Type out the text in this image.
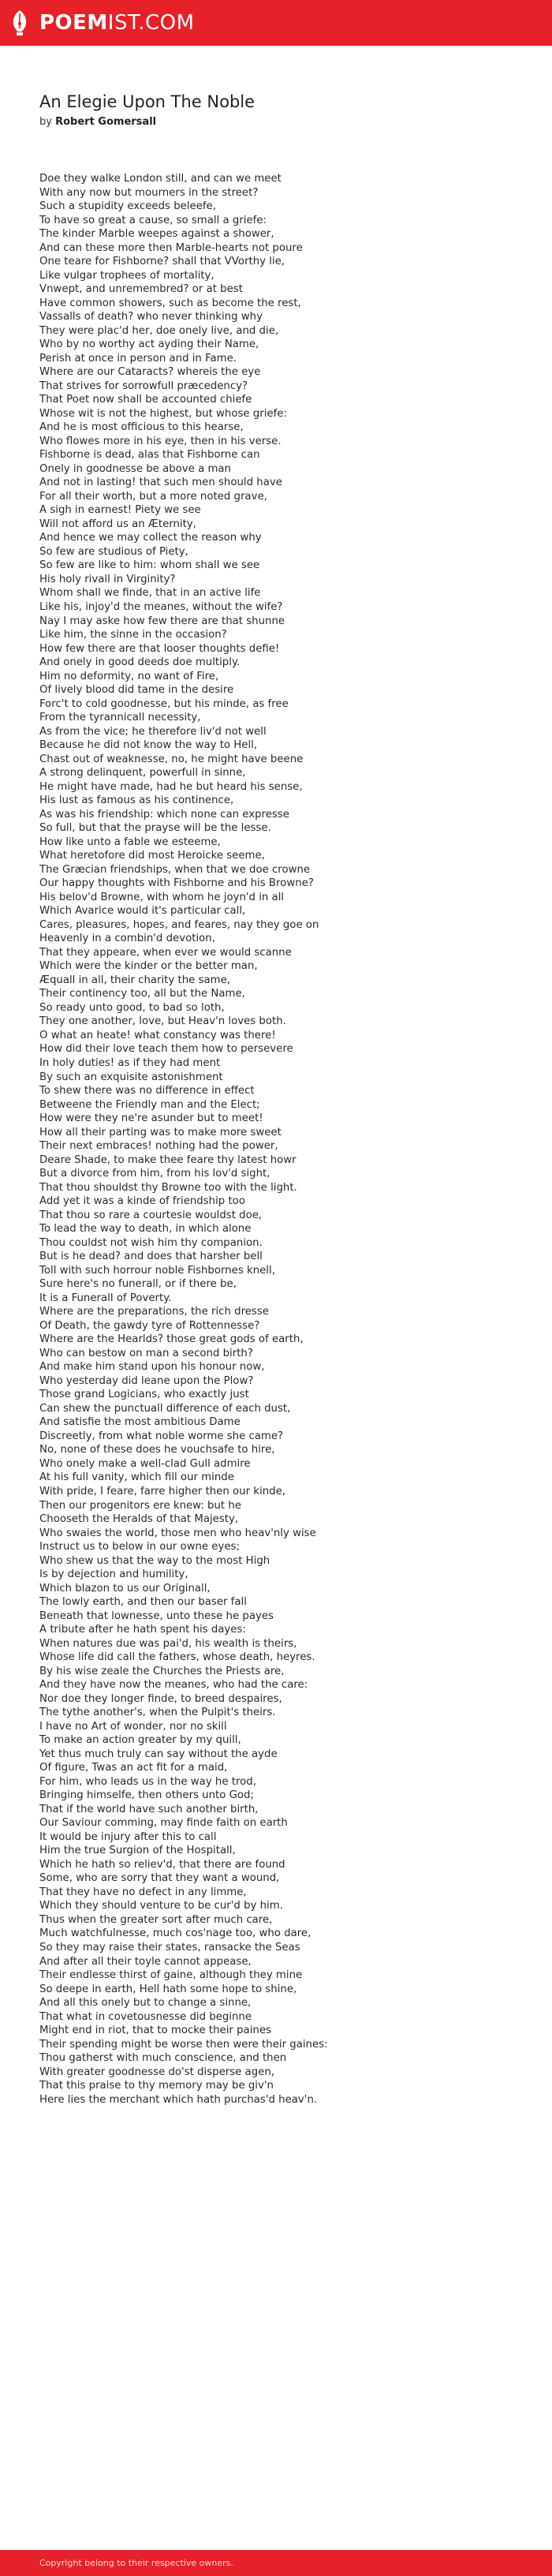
POEMIST.COM
An Elegie Upon The Noble

by Robert Gomersall

Doe they walke London still, and can we meet
With any now but mourners in the street?
Such a stupidity exceeds beleefe,
To have so great a cause, so small a griefe:
The kinder Marble weepes against a shower,
And can these more then Marble-hearts not poure
One teare for Fishborne? shall that VVorthy lie,
Like vulgar trophees of mortality,
Vnwept, and unremembred? or at best
Have common showers, such as become the rest,
Vassalls of death? who never thinking why
They were plac'd her, doe onely live, and die,
Who by no worthy act ayding their Name,
Perish at once in person and in Fame.
Where are our Cataracts? whereis the eye
That strives for sorrowfull præcedency?
That Poet now shall be accounted chiefe
Whose wit is not the highest, but whose griefe:
And he is most officious to this hearse,
Who flowes more in his eye, then in his verse.
Fishborne is dead, alas that Fishborne can
Onely in goodnesse be above a man
And not in lasting! that such men should have
For all their worth, but a more noted grave,
A sigh in earnest! Piety we see
Will not afford us an Æternity,
And hence we may collect the reason why
So few are studious of Piety,
So few are like to him: whom shall we see
His holy rivall in Virginity?
Whom shall we finde, that in an active life
Like his, injoy'd the meanes, without the wife?
Nay I may aske how few there are that shunne
Like him, the sinne in the occasion?
How few there are that looser thoughts defie!
And onely in good deeds doe multiply.
Him no deformity, no want of Fire,
Of lively blood did tame in the desire
Forc't to cold goodnesse, but his minde, as free
From the tyrannicall necessity,
As from the vice; he therefore liv'd not well
Because he did not know the way to Hell,
Chast out of weaknesse, no, he might have beene
A strong delinquent, powerfull in sinne,
He might have made, had he but heard his sense,
His lust as famous as his continence,
As was his friendship: which none can expresse
So full, but that the prayse will be the lesse.
How like unto a fable we esteeme,
What heretofore did most Heroicke seeme,
The Græcian friendships, when that we doe crowne
Our happy thoughts with Fishborne and his Browne?
His belov'd Browne, with whom he joyn'd in all
Which Avarice would it's particular call,
Cares, pleasures, hopes, and feares, nay they goe on
Heavenly in a combin'd devotion,
That they appeare, when ever we would scanne
Which were the kinder or the better man,
Æquall in all, their charity the same,
Their continency too, all but the Name,
So ready unto good, to bad so loth,
They one another, love, but Heav'n loves both.
O what an heate! what constancy was there!
How did their love teach them how to persevere
In holy duties! as if they had ment
By such an exquisite astonishment
To shew there was no difference in effect
Betweene the Friendly man and the Elect;
How were they ne're asunder but to meet!
How all their parting was to make more sweet
Their next embraces! nothing had the power,
Deare Shade, to make thee feare thy latest howr
But a divorce from him, from his lov'd sight,
That thou shouldst thy Browne too with the light.
Add yet it was a kinde of friendship too
That thou so rare a courtesie wouldst doe,
To lead the way to death, in which alone
Thou couldst not wish him thy companion.
But is he dead? and does that harsher bell
Toll with such horrour noble Fishbornes knell,
Sure here's no funerall, or if there be,
It is a Funerall of Poverty.
Where are the preparations, the rich dresse
Of Death, the gawdy tyre of Rottennesse?
Where are the Hearlds? those great gods of earth,
Who can bestow on man a second birth?
And make him stand upon his honour now,
Who yesterday did leane upon the Plow?
Those grand Logicians, who exactly just
Can shew the punctuall difference of each dust,
And satisfie the most ambitious Dame
Discreetly, from what noble worme she came?
No, none of these does he vouchsafe to hire,
Who onely make a well-clad Gull admire
At his full vanity, which fill our minde
With pride, I feare, farre higher then our kinde,
Then our progenitors ere knew: but he
Chooseth the Heralds of that Majesty,
Who swaies the world, those men who heav'nly wise
Instruct us to below in our owne eyes;
Who shew us that the way to the most High
Is by dejection and humility,
Which blazon to us our Originall,
The lowly earth, and then our baser fall
Beneath that lownesse, unto these he payes
A tribute after he hath spent his dayes:
When natures due was pai'd, his wealth is theirs,
Whose life did call the fathers, whose death, heyres.
By his wise zeale the Churches the Priests are,
And they have now the meanes, who had the care:
Nor doe they longer finde, to breed despaires,
The tythe another's, when the Pulpit's theirs.
I have no Art of wonder, nor no skill
To make an action greater by my quill,
Yet thus much truly can say without the ayde
Of figure, Twas an act fit for a maid,
For him, who leads us in the way he trod,
Bringing himselfe, then others unto God;
That if the world have such another birth,
Our Saviour comming, may finde faith on earth
It would be injury after this to call
Him the true Surgion of the Hospitall,
Which he hath so reliev'd, that there are found
Some, who are sorry that they want a wound,
That they have no defect in any limme,
Which they should venture to be cur'd by him.
Thus when the greater sort after much care,
Much watchfulnesse, much cos'nage too, who dare,
So they may raise their states, ransacke the Seas
And after all their toyle cannot appease,
Their endlesse thirst of gaine, although they mine
So deepe in earth, Hell hath some hope to shine,
And all this onely but to change a sinne,
That what in covetousnesse did beginne
Might end in riot, that to mocke their paines
Their spending might be worse then were their gaines:
Thou gatherst with much conscience, and then
With greater goodnesse do'st disperse agen,
That this praise to thy memory may be giv'n
Here lies the merchant which hath purchas'd heav'n.
Copyright belong to their respective owners.
